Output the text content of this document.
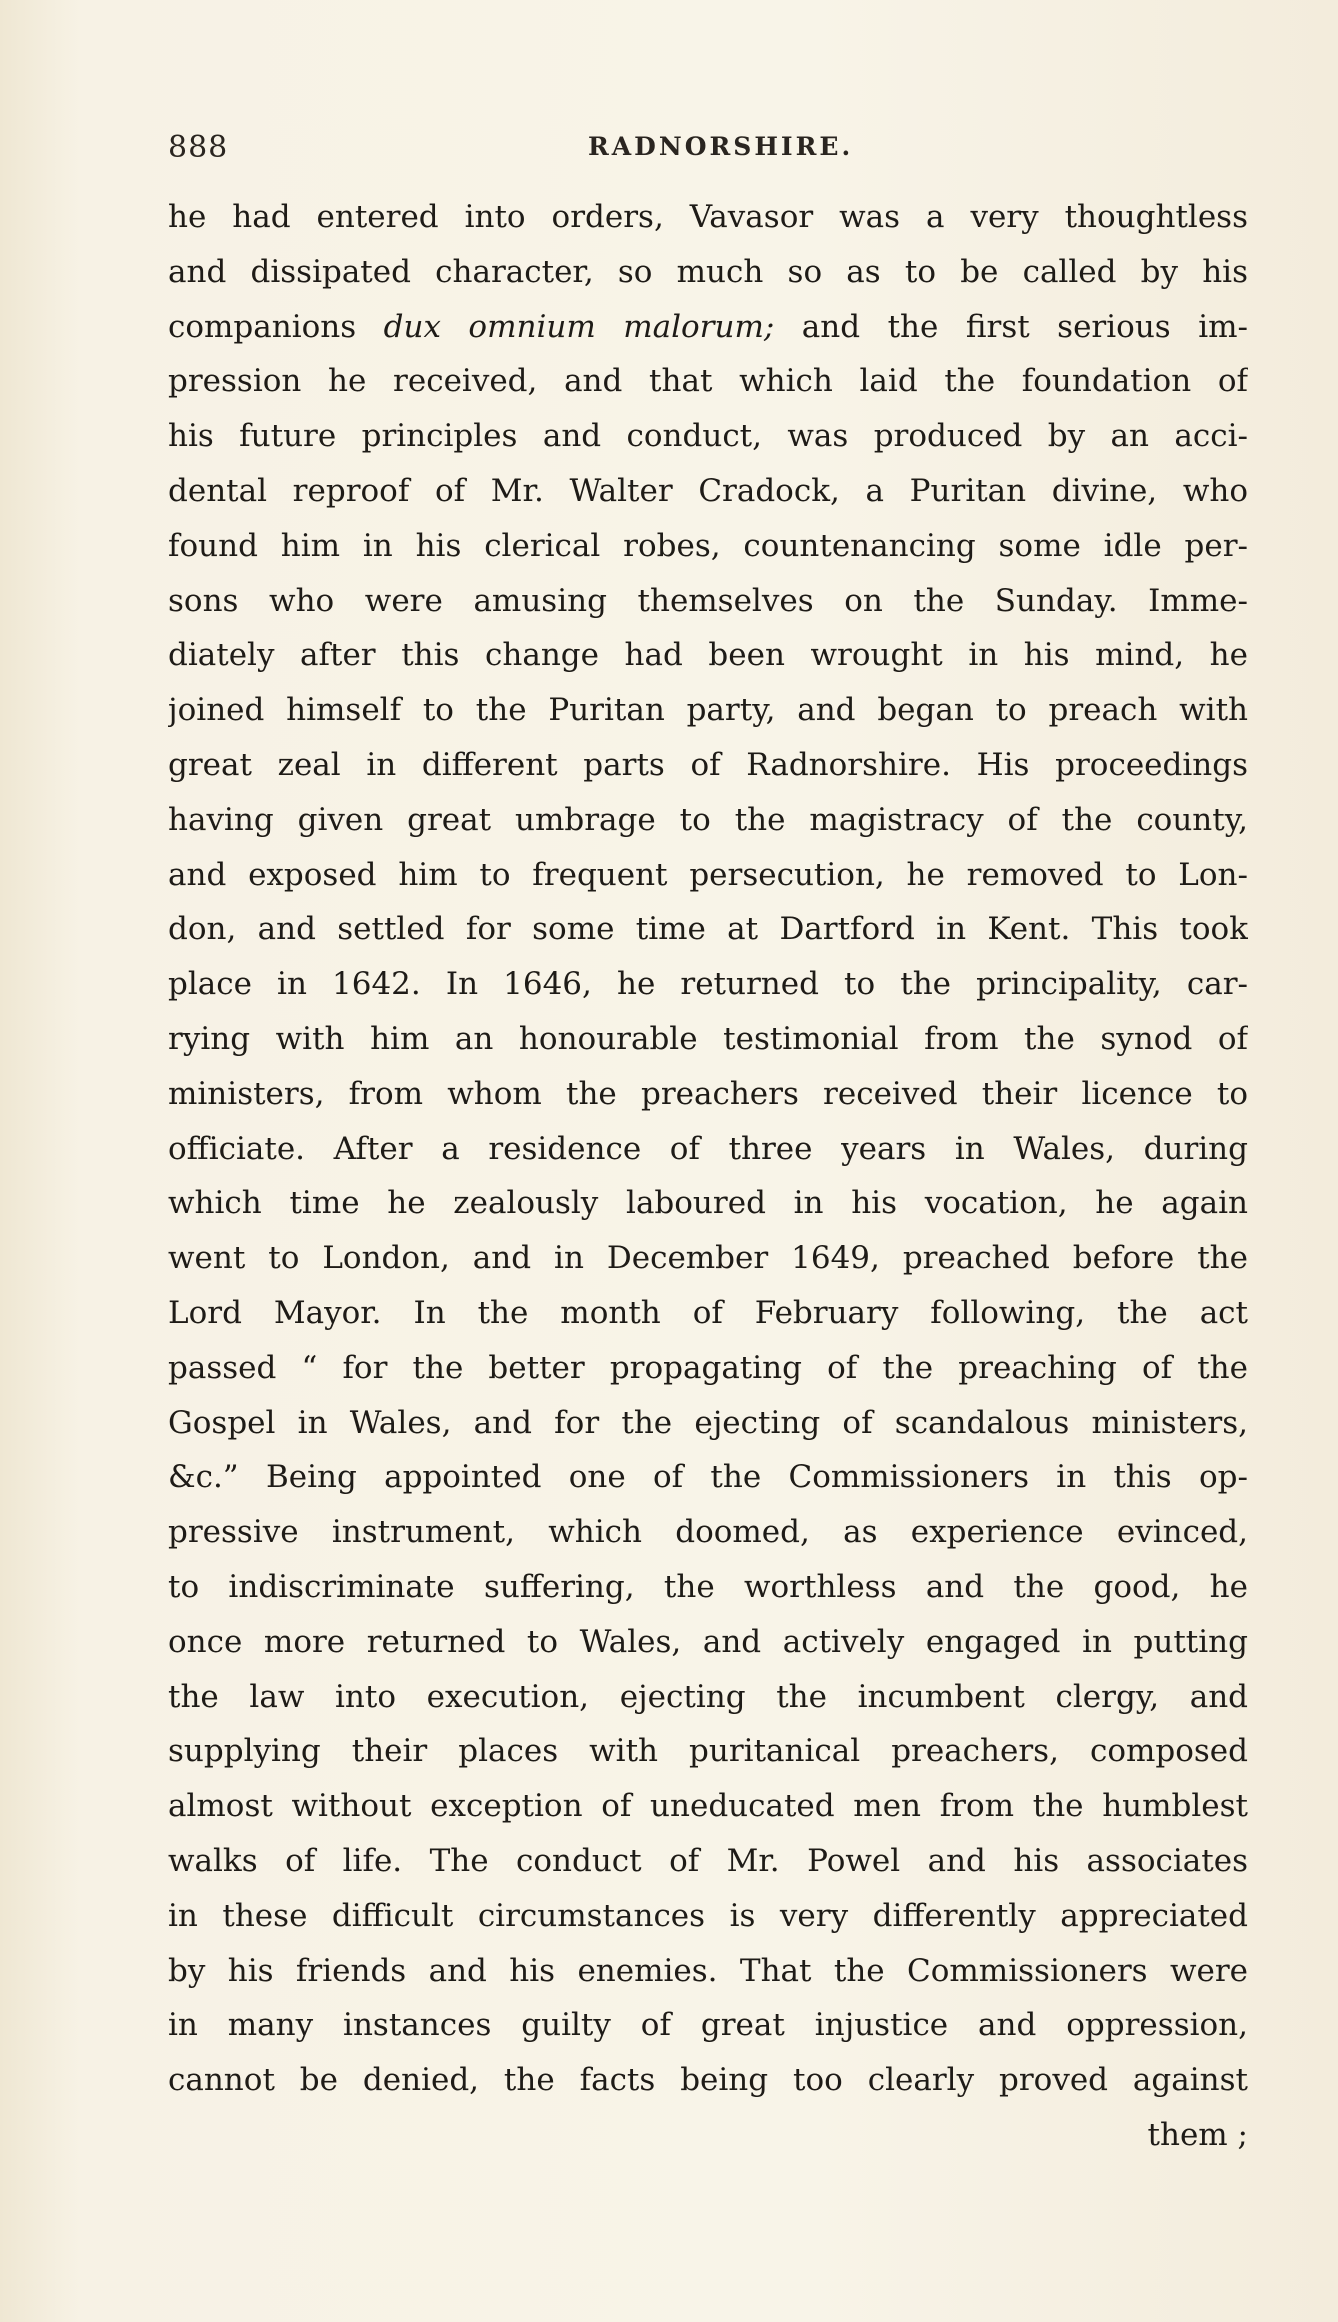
888	RADNORSHIRE.
he had entered into orders, Vavasor was a very thoughtless
and dissipated character, so much so as to be called by his
companions dux omnium malorum; and the first serious im-
pression he received, and that which laid the foundation of
his future principles and conduct, was produced by an acci-
dental reproof of Mr. Walter Cradock, a Puritan divine, who
found him in his clerical robes, countenancing some idle per-
sons who were amusing themselves on the Sunday. Imme-
diately after this change had been wrought in his mind, he
joined himself to the Puritan party, and began to preach with
great zeal in different parts of Radnorshire. His proceedings
having given great umbrage to the magistracy of the county,
and exposed him to frequent persecution, he removed to Lon-
don, and settled for some time at Dartford in Kent. This took
place in 1642. In 1646, he returned to the principality, car-
rying with him an honourable testimonial from the synod of
ministers, from whom the preachers received their licence to
officiate. After a residence of three years in Wales, during
which time he zealously laboured in his vocation, he again
went to London, and in December 1649, preached before the
Lord Mayor. In the month of February following, the act
passed “ for the better propagating of the preaching of the
Gospel in Wales, and for the ejecting of scandalous ministers,
&c.” Being appointed one of the Commissioners in this op-
pressive instrument, which doomed, as experience evinced,
to indiscriminate suffering, the worthless and the good, he
once more returned to Wales, and actively engaged in putting
the law into execution, ejecting the incumbent clergy, and
supplying their places with puritanical preachers, composed
almost without exception of uneducated men from the humblest
walks of life. The conduct of Mr. Powel and his associates
in these difficult circumstances is very differently appreciated
by his friends and his enemies. That the Commissioners were
in many instances guilty of great injustice and oppression,
cannot be denied, the facts being too clearly proved against
them ;
